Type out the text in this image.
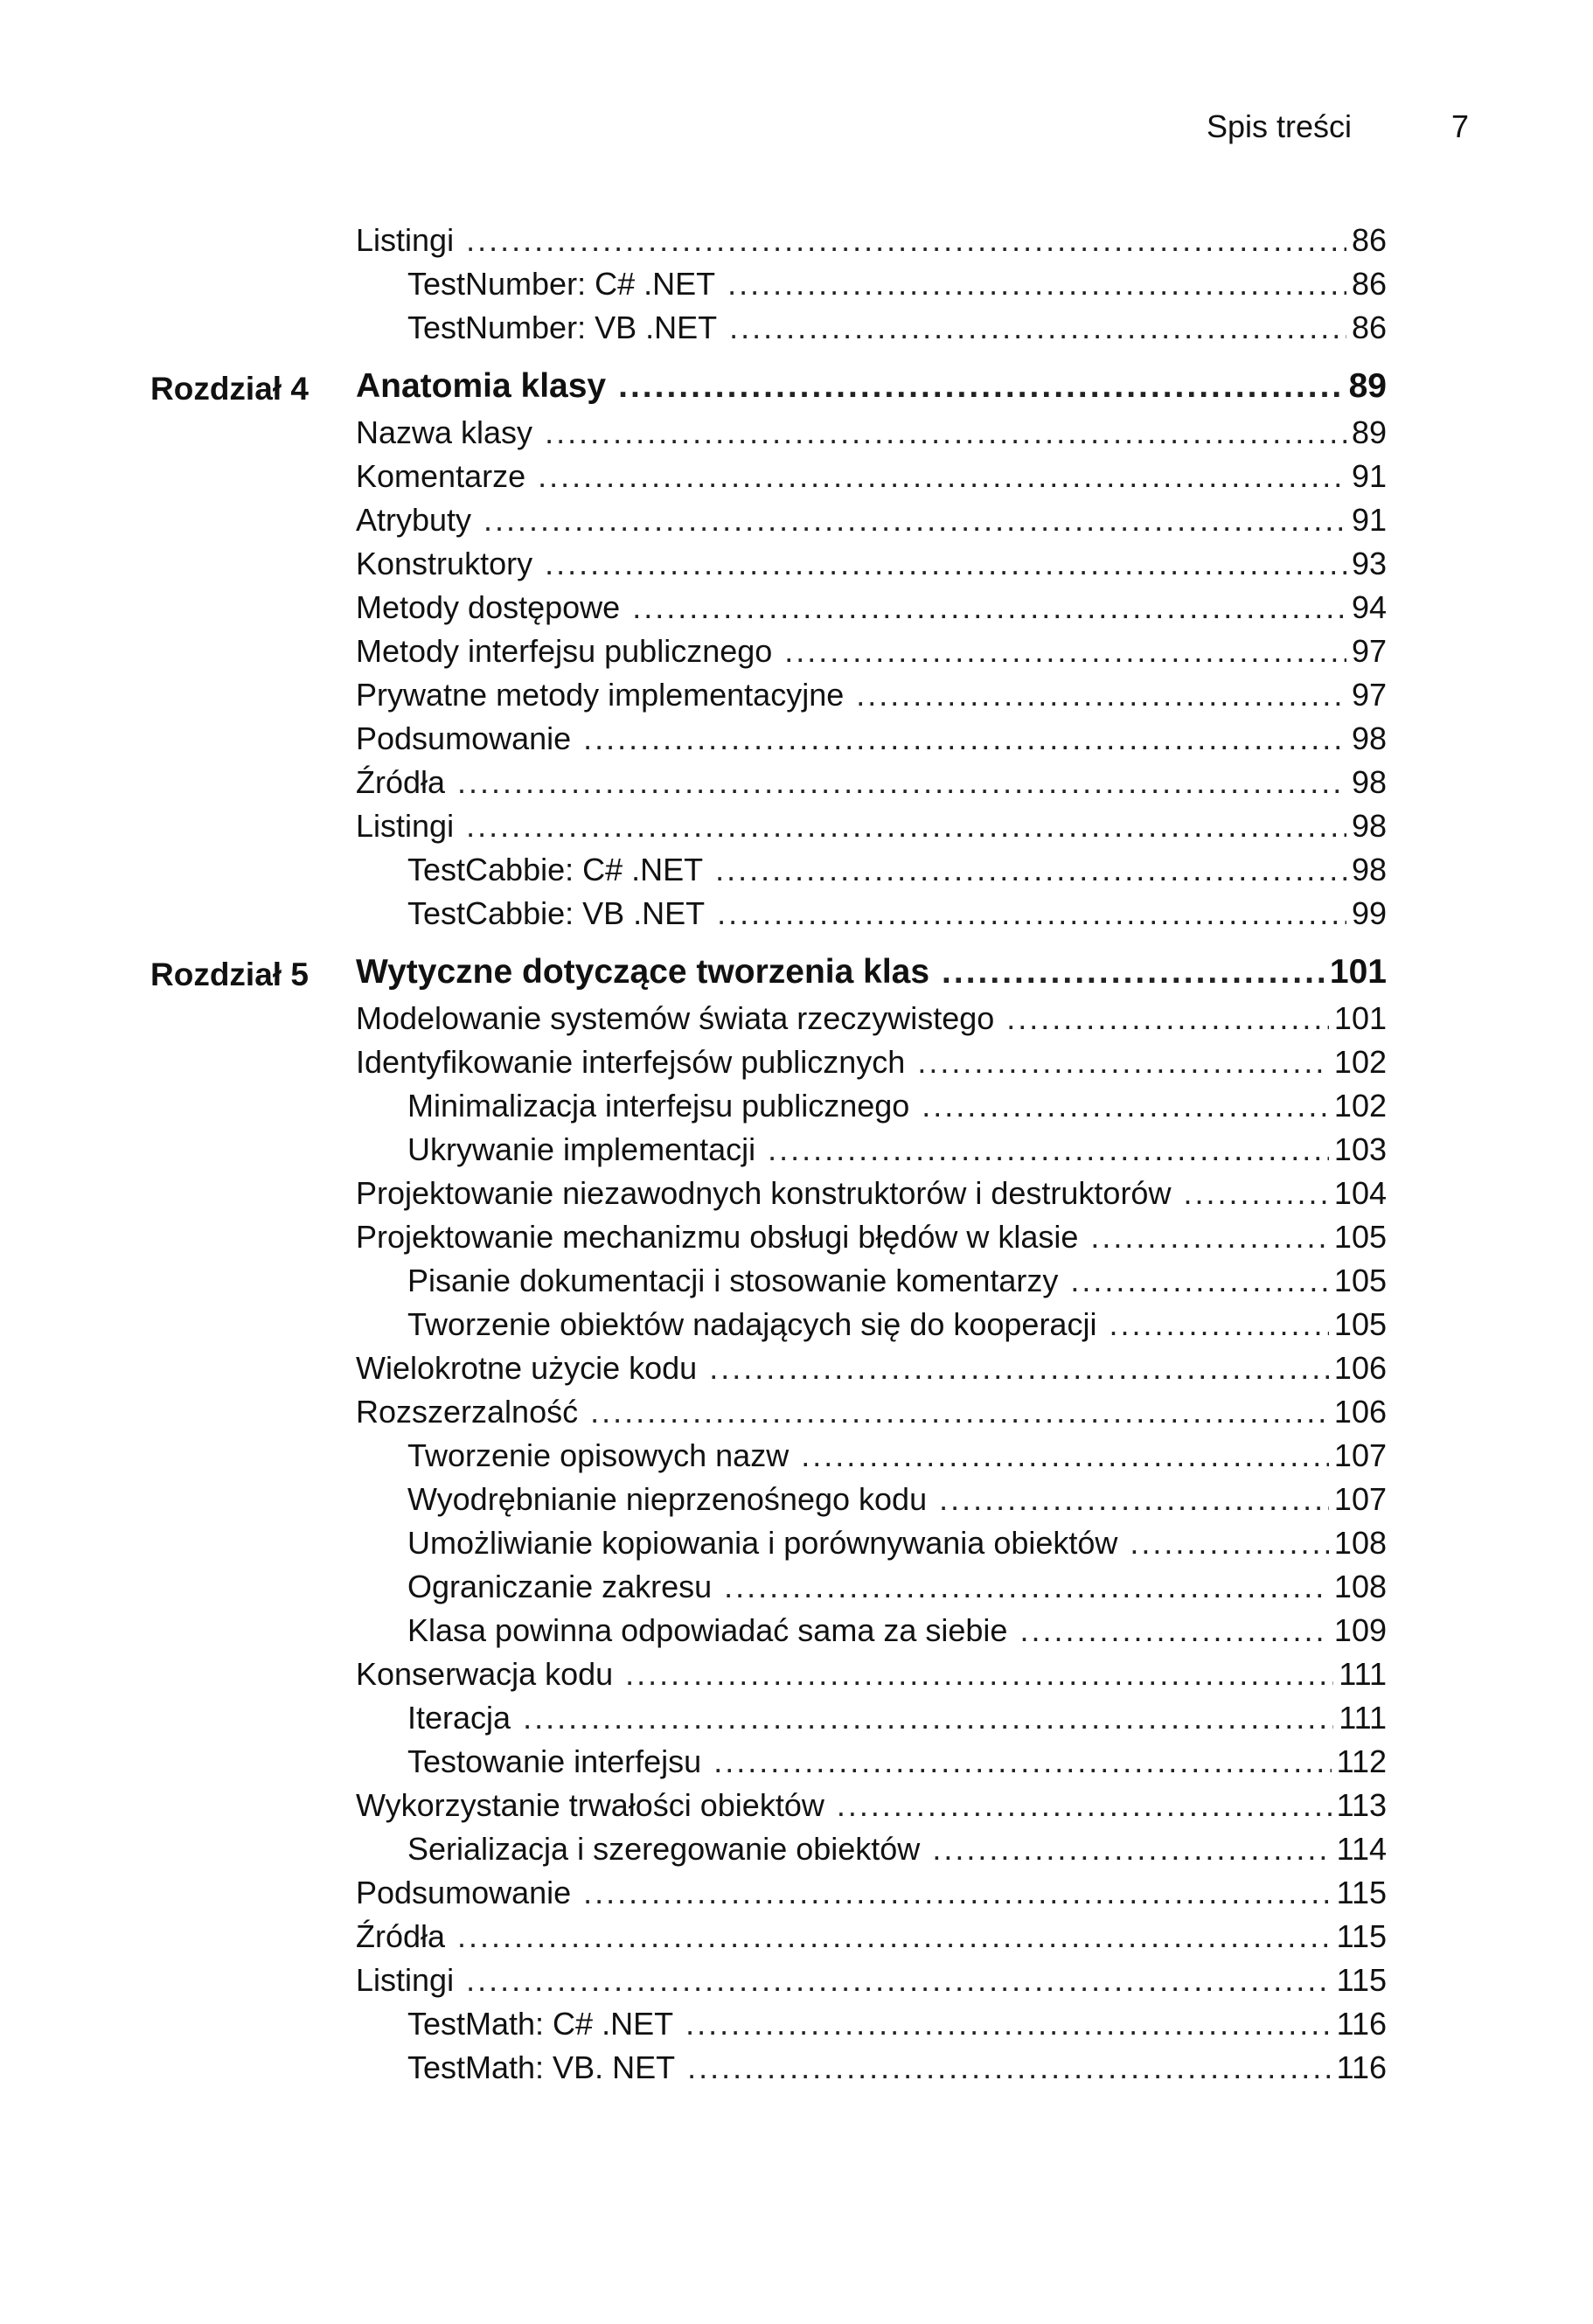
Spis treści	7
Listingi .....	86
TestNumber: C# .NET .....	86
TestNumber: VB .NET .....	86
Rozdział 4 Anatomia klasy .....	89
Nazwa klasy .....	89
Komentarze .....	91
Atrybuty .....	91
Konstruktory .....	93
Metody dostępowe .....	94
Metody interfejsu publicznego .....	97
Prywatne metody implementacyjne .....	97
Podsumowanie .....	98
Źródła .....	98
Listingi .....	98
TestCabbie: C# .NET .....	98
TestCabbie: VB .NET .....	99
Rozdział 5 Wytyczne dotyczące tworzenia klas .....	101
Modelowanie systemów świata rzeczywistego .....	101
Identyfikowanie interfejsów publicznych .....	102
Minimalizacja interfejsu publicznego .....	102
Ukrywanie implementacji .....	103
Projektowanie niezawodnych konstruktorów i destruktorów .....	104
Projektowanie mechanizmu obsługi błędów w klasie .....	105
Pisanie dokumentacji i stosowanie komentarzy .....	105
Tworzenie obiektów nadających się do kooperacji .....	105
Wielokrotne użycie kodu .....	106
Rozszerzalność .....	106
Tworzenie opisowych nazw .....	107
Wyodrębnianie nieprzenośnego kodu .....	107
Umożliwianie kopiowania i porównywania obiektów .....	108
Ograniczanie zakresu .....	108
Klasa powinna odpowiadać sama za siebie .....	109
Konserwacja kodu .....	111
Iteracja .....	111
Testowanie interfejsu .....	112
Wykorzystanie trwałości obiektów .....	113
Serializacja i szeregowanie obiektów .....	114
Podsumowanie .....	115
Źródła .....	115
Listingi .....	115
TestMath: C# .NET .....	116
TestMath: VB. NET .....	116
